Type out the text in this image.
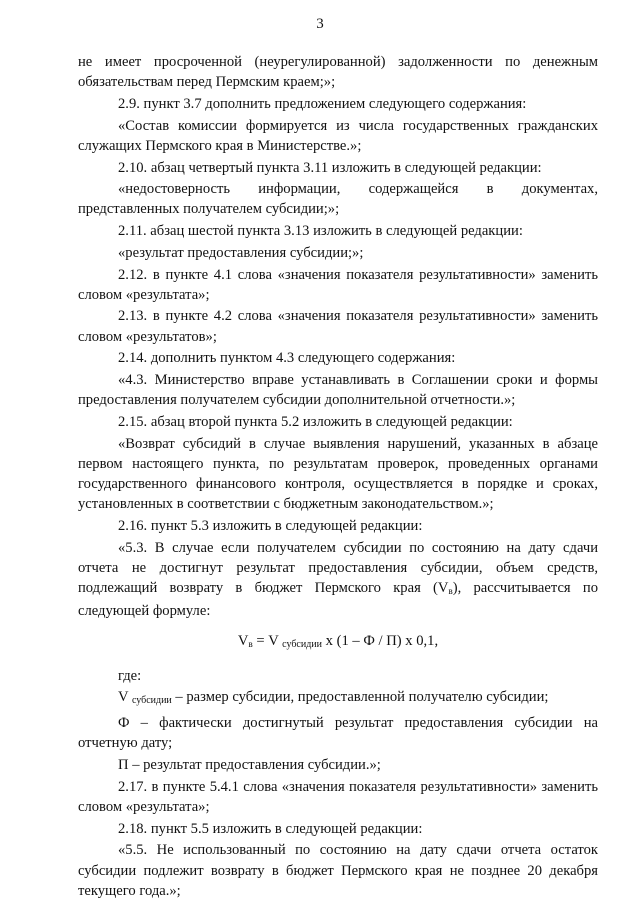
3

не имеет просроченной (неурегулированной) задолженности по денежным обязательствам перед Пермским краем;»;

2.9. пункт 3.7 дополнить предложением следующего содержания:

«Состав комиссии формируется из числа государственных гражданских служащих Пермского края в Министерстве.»;

2.10. абзац четвертый пункта 3.11 изложить в следующей редакции:

«недостоверность информации, содержащейся в документах, представленных получателем субсидии;»;

2.11. абзац шестой пункта 3.13 изложить в следующей редакции:

«результат предоставления субсидии;»;

2.12. в пункте 4.1 слова «значения показателя результативности» заменить словом «результата»;

2.13. в пункте 4.2 слова «значения показателя результативности» заменить словом «результатов»;

2.14. дополнить пунктом 4.3 следующего содержания:

«4.3. Министерство вправе устанавливать в Соглашении сроки и формы предоставления получателем субсидии дополнительной отчетности.»;

2.15. абзац второй пункта 5.2 изложить в следующей редакции:

«Возврат субсидий в случае выявления нарушений, указанных в абзаце первом настоящего пункта, по результатам проверок, проведенных органами государственного финансового контроля, осуществляется в порядке и сроках, установленных в соответствии с бюджетным законодательством.»;

2.16. пункт 5.3 изложить в следующей редакции:

«5.3. В случае если получателем субсидии по состоянию на дату сдачи отчета не достигнут результат предоставления субсидии, объем средств, подлежащий возврату в бюджет Пермского края $(V_в)$, рассчитывается по следующей формуле:

$V_в = V$ $_{субсидии}$ x (1 – Ф / П) x 0,1,

где:

V $_{субсидии}$ – размер субсидии, предоставленной получателю субсидии;

Ф – фактически достигнутый результат предоставления субсидии на отчетную дату;

П – результат предоставления субсидии.»;

2.17. в пункте 5.4.1 слова «значения показателя результативности» заменить словом «результата»;

2.18. пункт 5.5 изложить в следующей редакции:

«5.5. Не использованный по состоянию на дату сдачи отчета остаток субсидии подлежит возврату в бюджет Пермского края не позднее 20 декабря текущего года.»;
